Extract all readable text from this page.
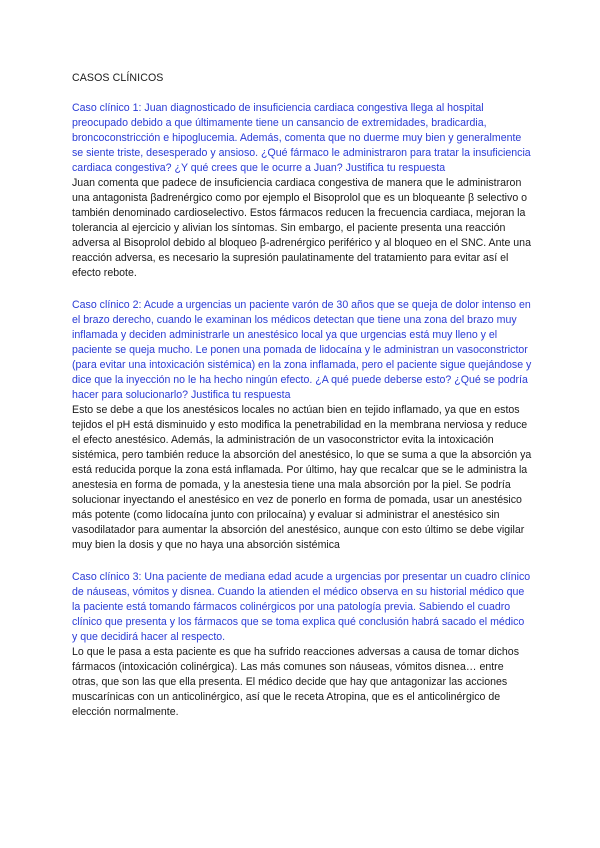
CASOS CLÍNICOS

Caso clínico 1: Juan diagnosticado de insuficiencia cardiaca congestiva llega al hospital preocupado debido a que últimamente tiene un cansancio de extremidades, bradicardia, broncoconstricción e hipoglucemia. Además, comenta que no duerme muy bien y generalmente se siente triste, desesperado y ansioso. ¿Qué fármaco le administraron para tratar la insuficiencia cardiaca congestiva? ¿Y qué crees que le ocurre a Juan? Justifica tu respuesta

Juan comenta que padece de insuficiencia cardiaca congestiva de manera que le administraron una antagonista βadrenérgico como por ejemplo el Bisoprolol que es un bloqueante β selectivo o también denominado cardioselectivo. Estos fármacos reducen la frecuencia cardiaca, mejoran la tolerancia al ejercicio y alivian los síntomas. Sin embargo, el paciente presenta una reacción adversa al Bisoprolol debido al bloqueo β-adrenérgico periférico y al bloqueo en el SNC. Ante una reacción adversa, es necesario la supresión paulatinamente del tratamiento para evitar así el efecto rebote.

Caso clínico 2: Acude a urgencias un paciente varón de 30 años que se queja de dolor intenso en el brazo derecho, cuando le examinan los médicos detectan que tiene una zona del brazo muy inflamada y deciden administrarle un anestésico local ya que urgencias está muy lleno y el paciente se queja mucho. Le ponen una pomada de lidocaína y le administran un vasoconstrictor (para evitar una intoxicación sistémica) en la zona inflamada, pero el paciente sigue quejándose y dice que la inyección no le ha hecho ningún efecto. ¿A qué puede deberse esto? ¿Qué se podría hacer para solucionarlo? Justifica tu respuesta

Esto se debe a que los anestésicos locales no actúan bien en tejido inflamado, ya que en estos tejidos el pH está disminuido y esto modifica la penetrabilidad en la membrana nerviosa y reduce el efecto anestésico. Además, la administración de un vasoconstrictor evita la intoxicación sistémica, pero también reduce la absorción del anestésico, lo que se suma a que la absorción ya está reducida porque la zona está inflamada. Por último, hay que recalcar que se le administra la anestesia en forma de pomada, y la anestesia tiene una mala absorción por la piel. Se podría solucionar inyectando el anestésico en vez de ponerlo en forma de pomada, usar un anestésico más potente (como lidocaína junto con prilocaína) y evaluar si administrar el anestésico sin vasodilatador para aumentar la absorción del anestésico, aunque con esto último se debe vigilar muy bien la dosis y que no haya una absorción sistémica

Caso clínico 3: Una paciente de mediana edad acude a urgencias por presentar un cuadro clínico de náuseas, vómitos y disnea. Cuando la atienden el médico observa en su historial médico que la paciente está tomando fármacos colinérgicos por una patología previa. Sabiendo el cuadro clínico que presenta y los fármacos que se toma explica qué conclusión habrá sacado el médico y que decidirá hacer al respecto.

Lo que le pasa a esta paciente es que ha sufrido reacciones adversas a causa de tomar dichos fármacos (intoxicación colinérgica). Las más comunes son náuseas, vómitos disnea… entre otras, que son las que ella presenta. El médico decide que hay que antagonizar las acciones muscarínicas con un anticolinérgico, así que le receta Atropina, que es el anticolinérgico de elección normalmente.
